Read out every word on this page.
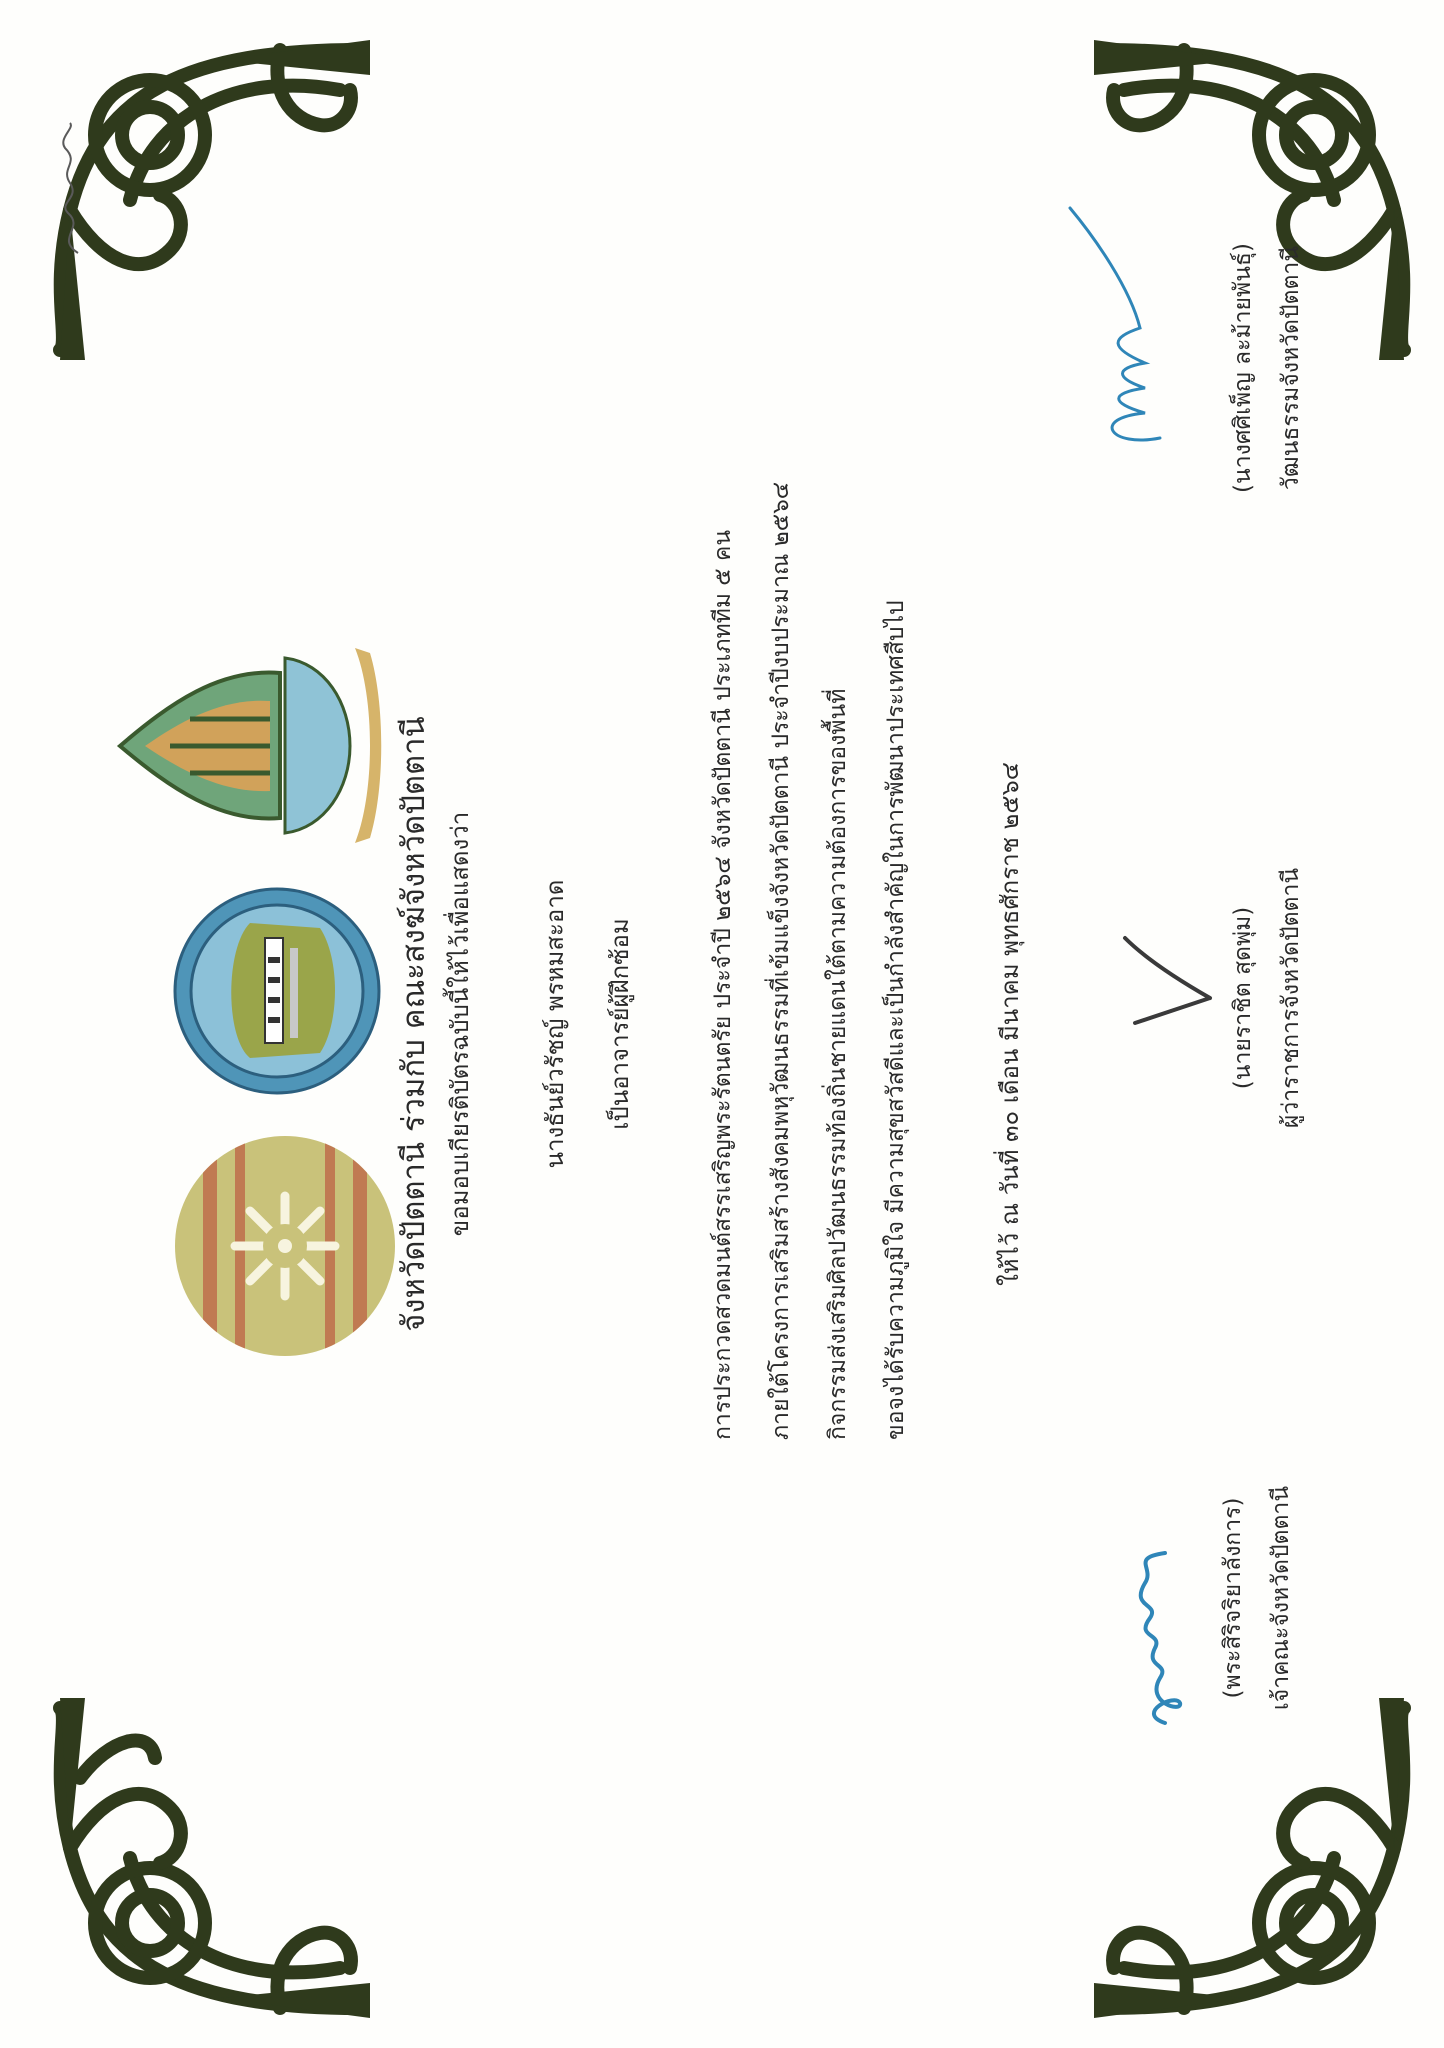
จังหวัดปัตตานี ร่วมกับ คณะสงฆ์จังหวัดปัตตานี ขอมอบเกียรติบัตรฉบับนี้ให้ไว้เพื่อแสดงว่า	นางธันย์วรัชญ์ พรหมสะอาด เป็นอาจารย์ผู้ฝึกซ้อม	การประกวดสวดมนต์สรรเสริญพระรัตนตรัย ประจำปี ๒๕๖๔ จังหวัดปัตตานี ประเภททีม ๕ คน ภายใต้โครงการเสริมสร้างสังคมพหุวัฒนธรรมที่เข้มแข็งจังหวัดปัตตานี ประจำปีงบประมาณ ๒๕๖๔ กิจกรรมส่งเสริมศิลปวัฒนธรรมท้องถิ่นชายแดนใต้ตามความต้องการของพื้นที่ ขอจงได้รับความภูมิใจ มีความสุขสวัสดีและเป็นกำลังสำคัญในการพัฒนาประเทศสืบไป	ให้ไว้ ณ วันที่ ๓๐ เดือน มีนาคม พุทธศักราช ๒๕๖๔
(พระสิริจริยาลังการ) เจ้าคณะจังหวัดปัตตานี
(นายราชิต สุดพุ่ม) ผู้ว่าราชการจังหวัดปัตตานี
(นางศศิเพ็ญ ละม้ายพันธุ์) วัฒนธรรมจังหวัดปัตตานี
